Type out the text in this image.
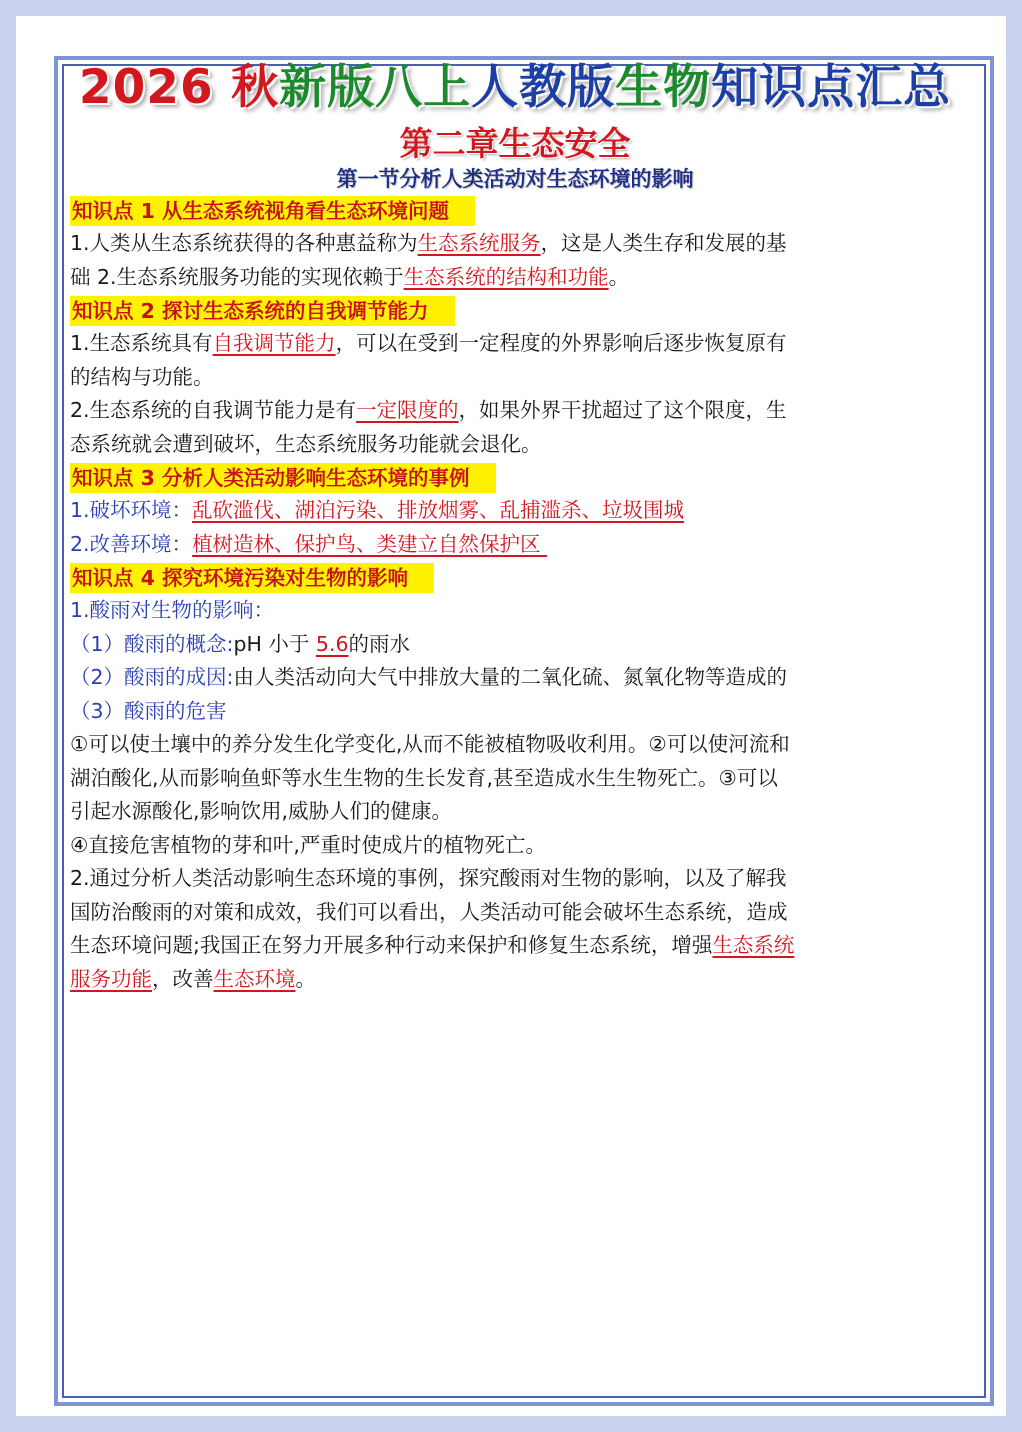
2026 秋新版八上人教版生物知识点汇总
第二章生态安全
第一节分析人类活动对生态环境的影响
知识点 1 从生态系统视角看生态环境问题

1.人类从生态系统获得的各种惠益称为生态系统服务，这是人类生存和发展的基

础 2.生态系统服务功能的实现依赖于生态系统的结构和功能。

知识点 2 探讨生态系统的自我调节能力

1.生态系统具有自我调节能力，可以在受到一定程度的外界影响后逐步恢复原有

的结构与功能。

2.生态系统的自我调节能力是有一定限度的，如果外界干扰超过了这个限度，生

态系统就会遭到破坏，生态系统服务功能就会退化。

知识点 3 分析人类活动影响生态环境的事例

1.破坏环境：乱砍滥伐、湖泊污染、排放烟雾、乱捕滥杀、垃圾围城

2.改善环境：植树造林、保护鸟、类建立自然保护区

知识点 4 探究环境污染对生物的影响

1.酸雨对生物的影响：

（1）酸雨的概念:pH 小于 5.6的雨水

（2）酸雨的成因:由人类活动向大气中排放大量的二氧化硫、氮氧化物等造成的

（3）酸雨的危害

①可以使土壤中的养分发生化学变化,从而不能被植物吸收利用。②可以使河流和

湖泊酸化,从而影响鱼虾等水生生物的生长发育,甚至造成水生生物死亡。③可以

引起水源酸化,影响饮用,威胁人们的健康。

④直接危害植物的芽和叶,严重时使成片的植物死亡。

2.通过分析人类活动影响生态环境的事例，探究酸雨对生物的影响，以及了解我

国防治酸雨的对策和成效，我们可以看出，人类活动可能会破坏生态系统，造成

生态环境问题;我国正在努力开展多种行动来保护和修复生态系统，增强生态系统

服务功能，改善生态环境。
